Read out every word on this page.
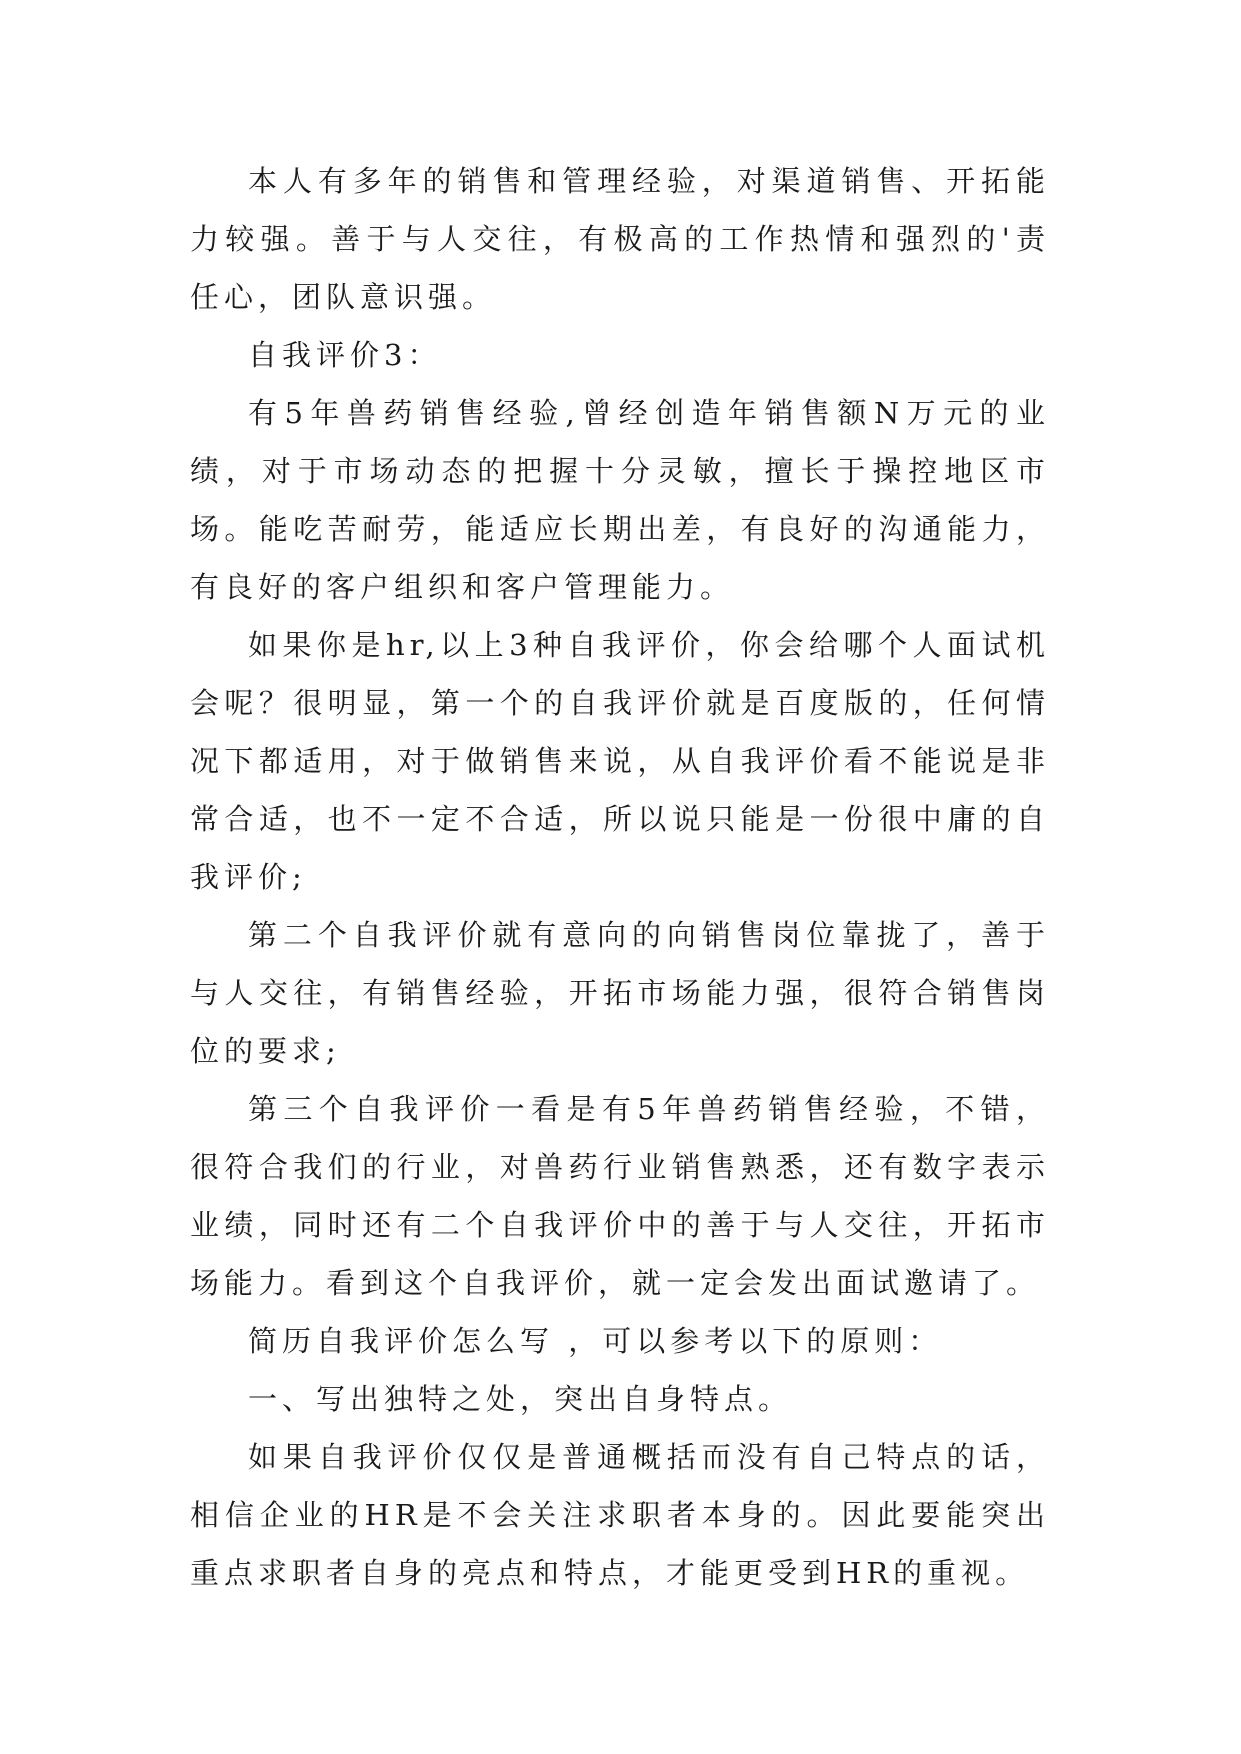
本人有多年的销售和管理经验，对渠道销售、开拓能力较强。善于与人交往，有极高的工作热情和强烈的'责任心，团队意识强。

自我评价3：

有5年兽药销售经验,曾经创造年销售额N万元的业绩，对于市场动态的把握十分灵敏，擅长于操控地区市场。能吃苦耐劳，能适应长期出差，有良好的沟通能力，有良好的客户组织和客户管理能力。

如果你是hr,以上3种自我评价，你会给哪个人面试机会呢？很明显，第一个的自我评价就是百度版的，任何情况下都适用，对于做销售来说，从自我评价看不能说是非常合适，也不一定不合适，所以说只能是一份很中庸的自我评价;

第二个自我评价就有意向的向销售岗位靠拢了，善于与人交往，有销售经验，开拓市场能力强，很符合销售岗位的要求;

第三个自我评价一看是有5年兽药销售经验，不错，很符合我们的行业，对兽药行业销售熟悉，还有数字表示业绩，同时还有二个自我评价中的善于与人交往，开拓市场能力。看到这个自我评价，就一定会发出面试邀请了。

简历自我评价怎么写 ，可以参考以下的原则：

一、写出独特之处，突出自身特点。

如果自我评价仅仅是普通概括而没有自己特点的话，相信企业的HR是不会关注求职者本身的。因此要能突出重点求职者自身的亮点和特点，才能更受到HR的重视。
